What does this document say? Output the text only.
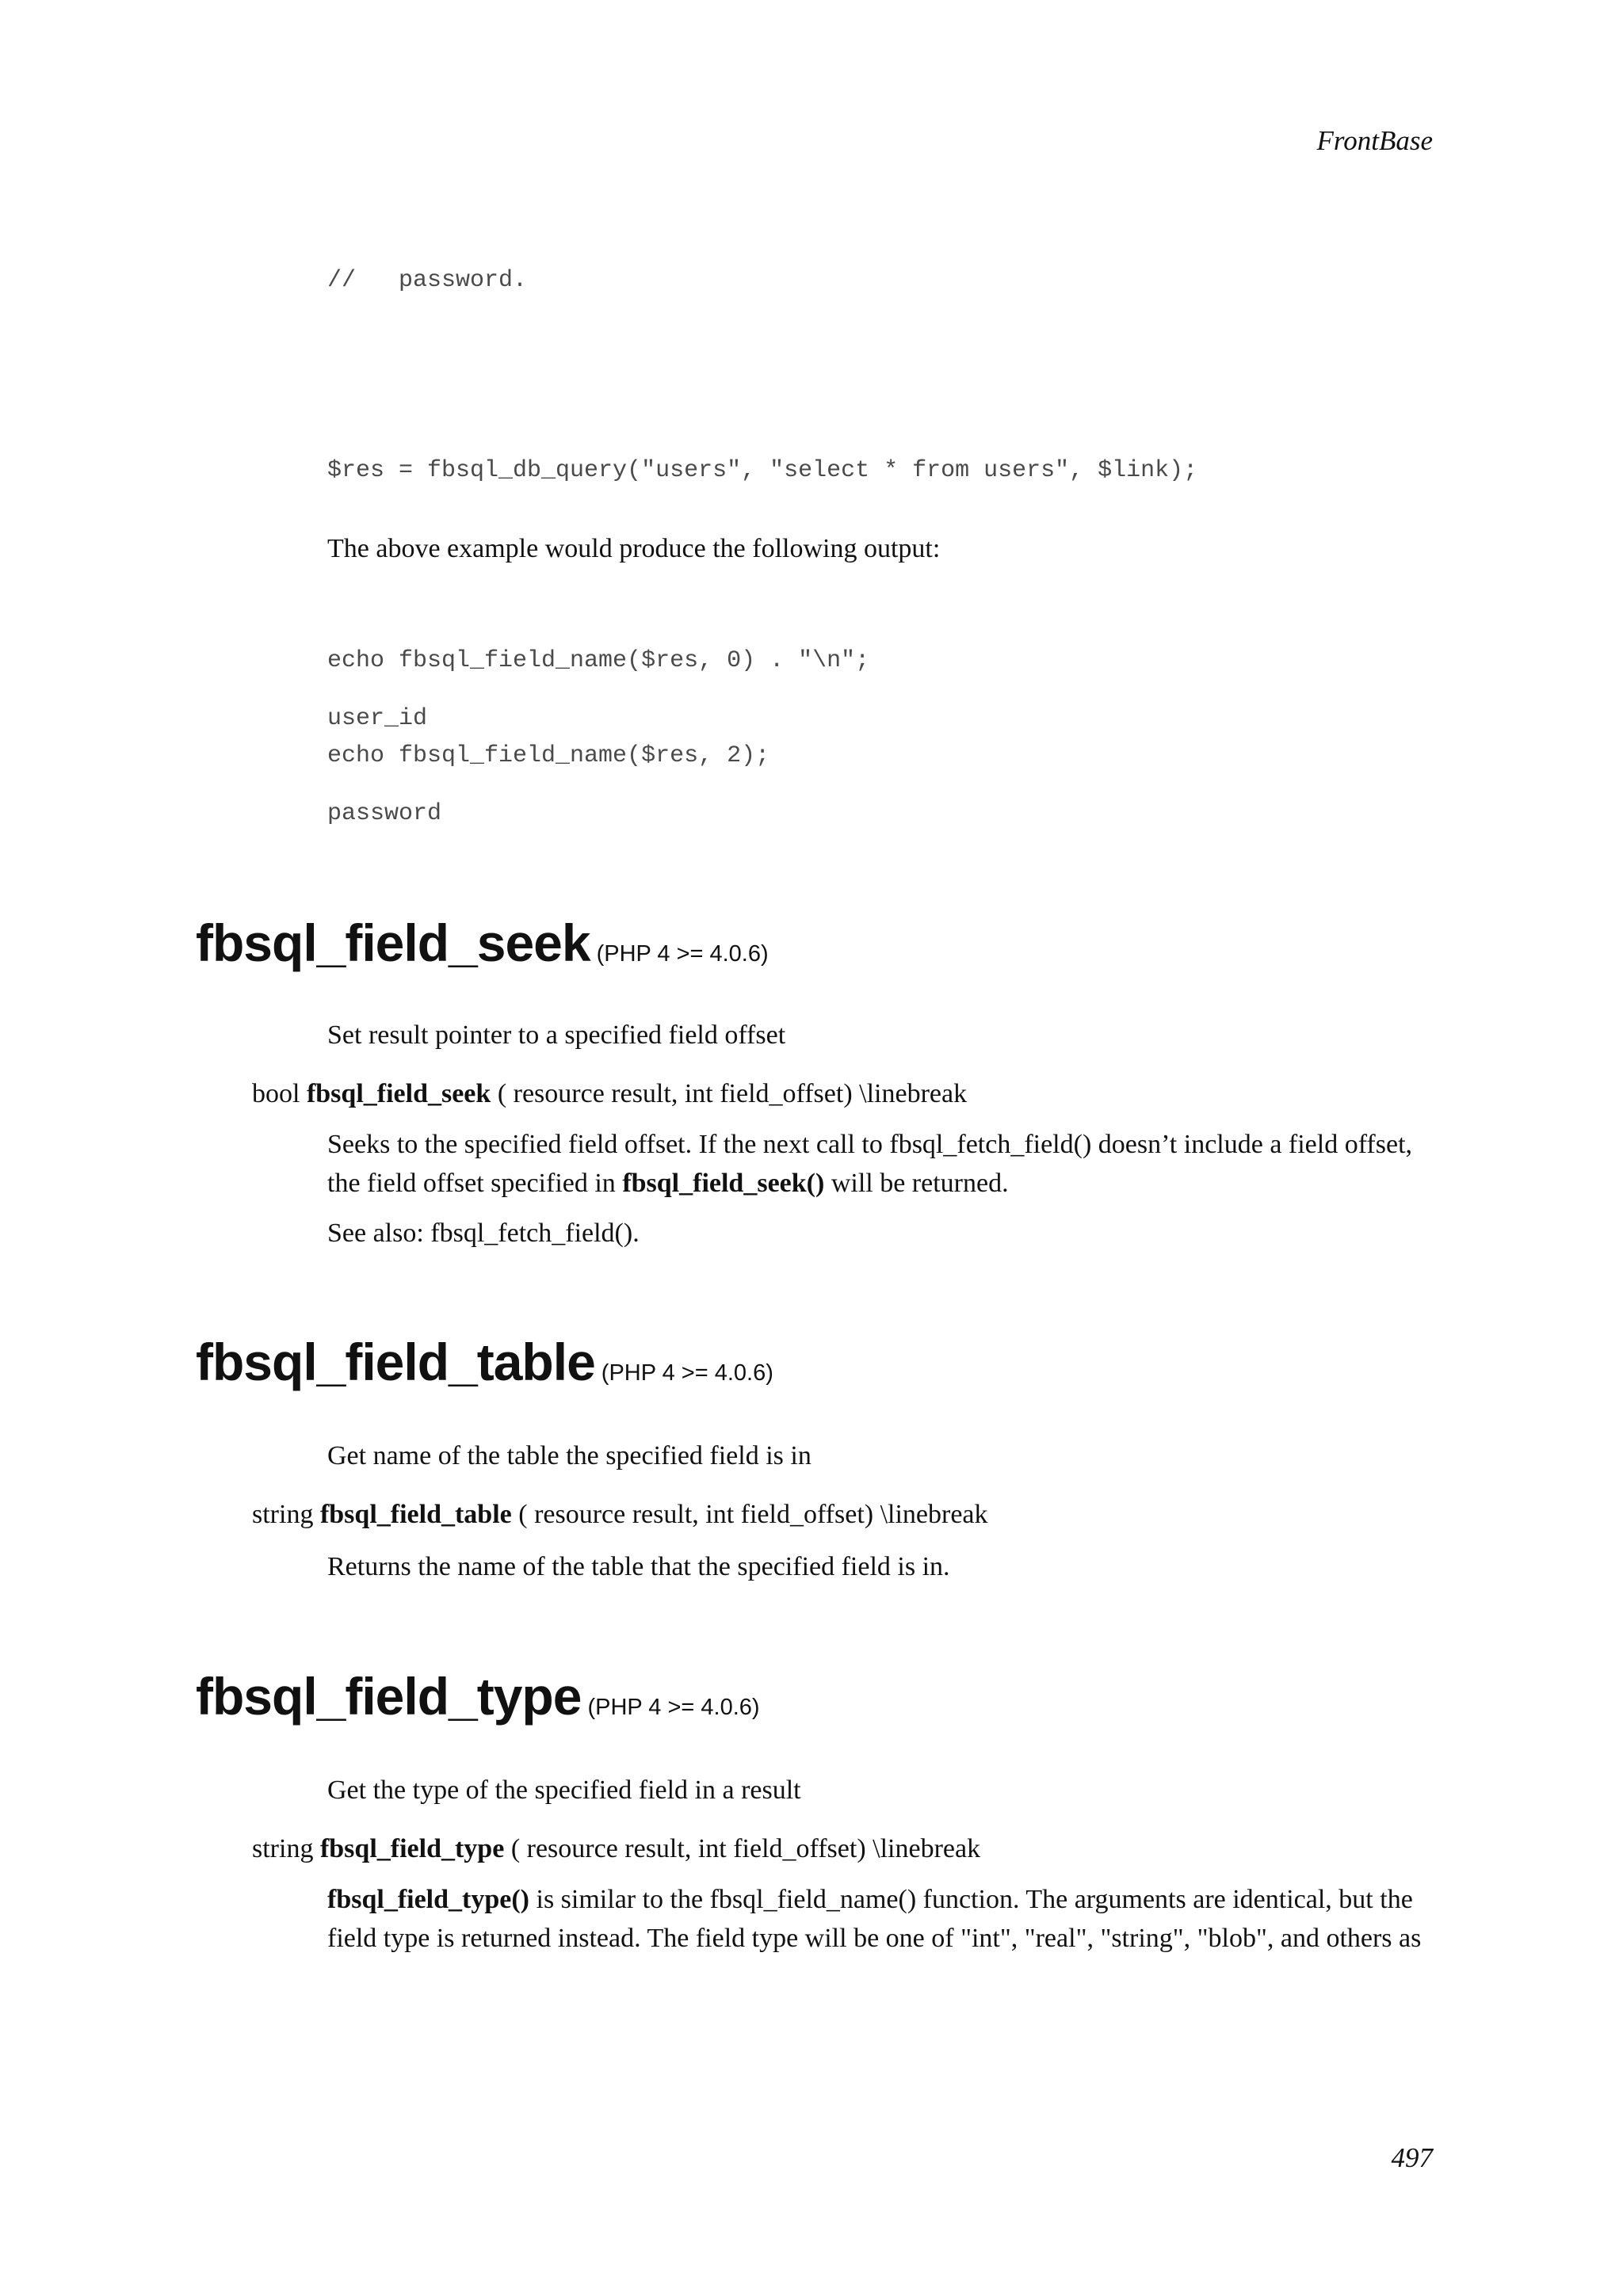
FrontBase

//   password.

$res = fbsql_db_query("users", "select * from users", $link);

echo fbsql_field_name($res, 0) . "\n";

echo fbsql_field_name($res, 2);

The above example would produce the following output:

user_id

password

fbsql_field_seek (PHP 4 >= 4.0.6)
Set result pointer to a specified field offset
bool fbsql_field_seek ( resource result, int field_offset) \linebreak
Seeks to the specified field offset. If the next call to fbsql_fetch_field() doesn’t include a field offset,
the field offset specified in fbsql_field_seek() will be returned.
See also: fbsql_fetch_field().
fbsql_field_table (PHP 4 >= 4.0.6)
Get name of the table the specified field is in
string fbsql_field_table ( resource result, int field_offset) \linebreak
Returns the name of the table that the specified field is in.
fbsql_field_type (PHP 4 >= 4.0.6)
Get the type of the specified field in a result
string fbsql_field_type ( resource result, int field_offset) \linebreak
fbsql_field_type() is similar to the fbsql_field_name() function. The arguments are identical, but the
field type is returned instead. The field type will be one of "int", "real", "string", "blob", and others as
497
